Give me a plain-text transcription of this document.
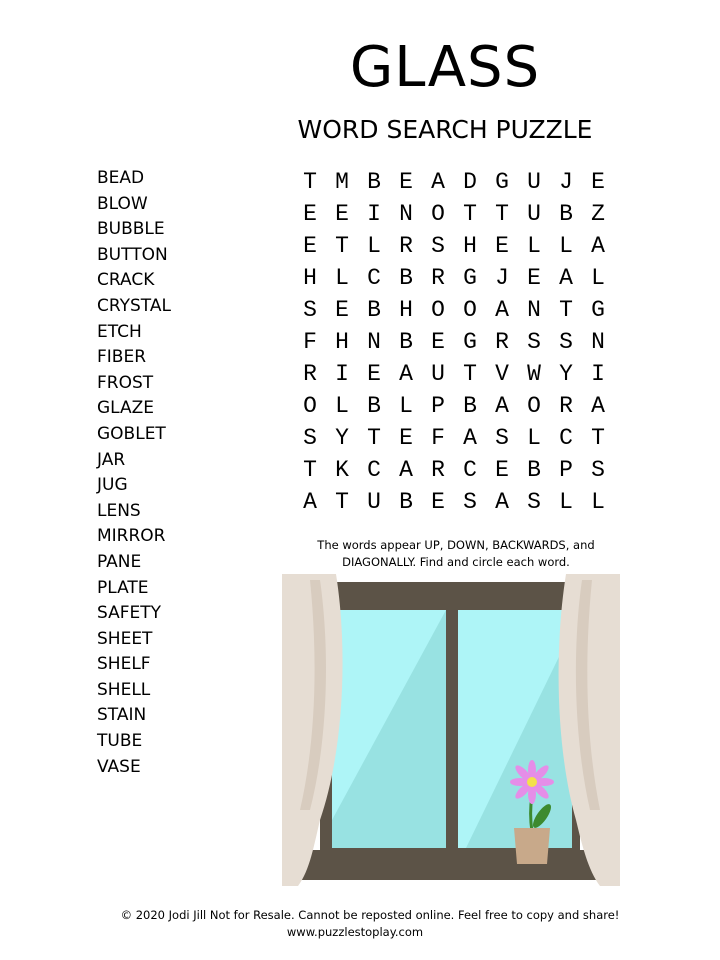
GLASS
WORD SEARCH PUZZLE
BEAD
BLOW
BUBBLE
BUTTON
CRACK
CRYSTAL
ETCH
FIBER
FROST
GLAZE
GOBLET
JAR
JUG
LENS
MIRROR
PANE
PLATE
SAFETY
SHEET
SHELF
SHELL
STAIN
TUBE
VASE
T M B E A D G U J E
E E I N O T T U B Z
E T L R S H E L L A
H L C B R G J E A L
S E B H O O A N T G
F H N B E G R S S N
R I E A U T V W Y I
O L B L P B A O R A
S Y T E F A S L C T
T K C A R C E B P S
A T U B E S A S L L
The words appear UP, DOWN, BACKWARDS, and
DIAGONALLY. Find and circle each word.
© 2020 Jodi Jill Not for Resale. Cannot be reposted online. Feel free to copy and share!
www.puzzlestoplay.com
